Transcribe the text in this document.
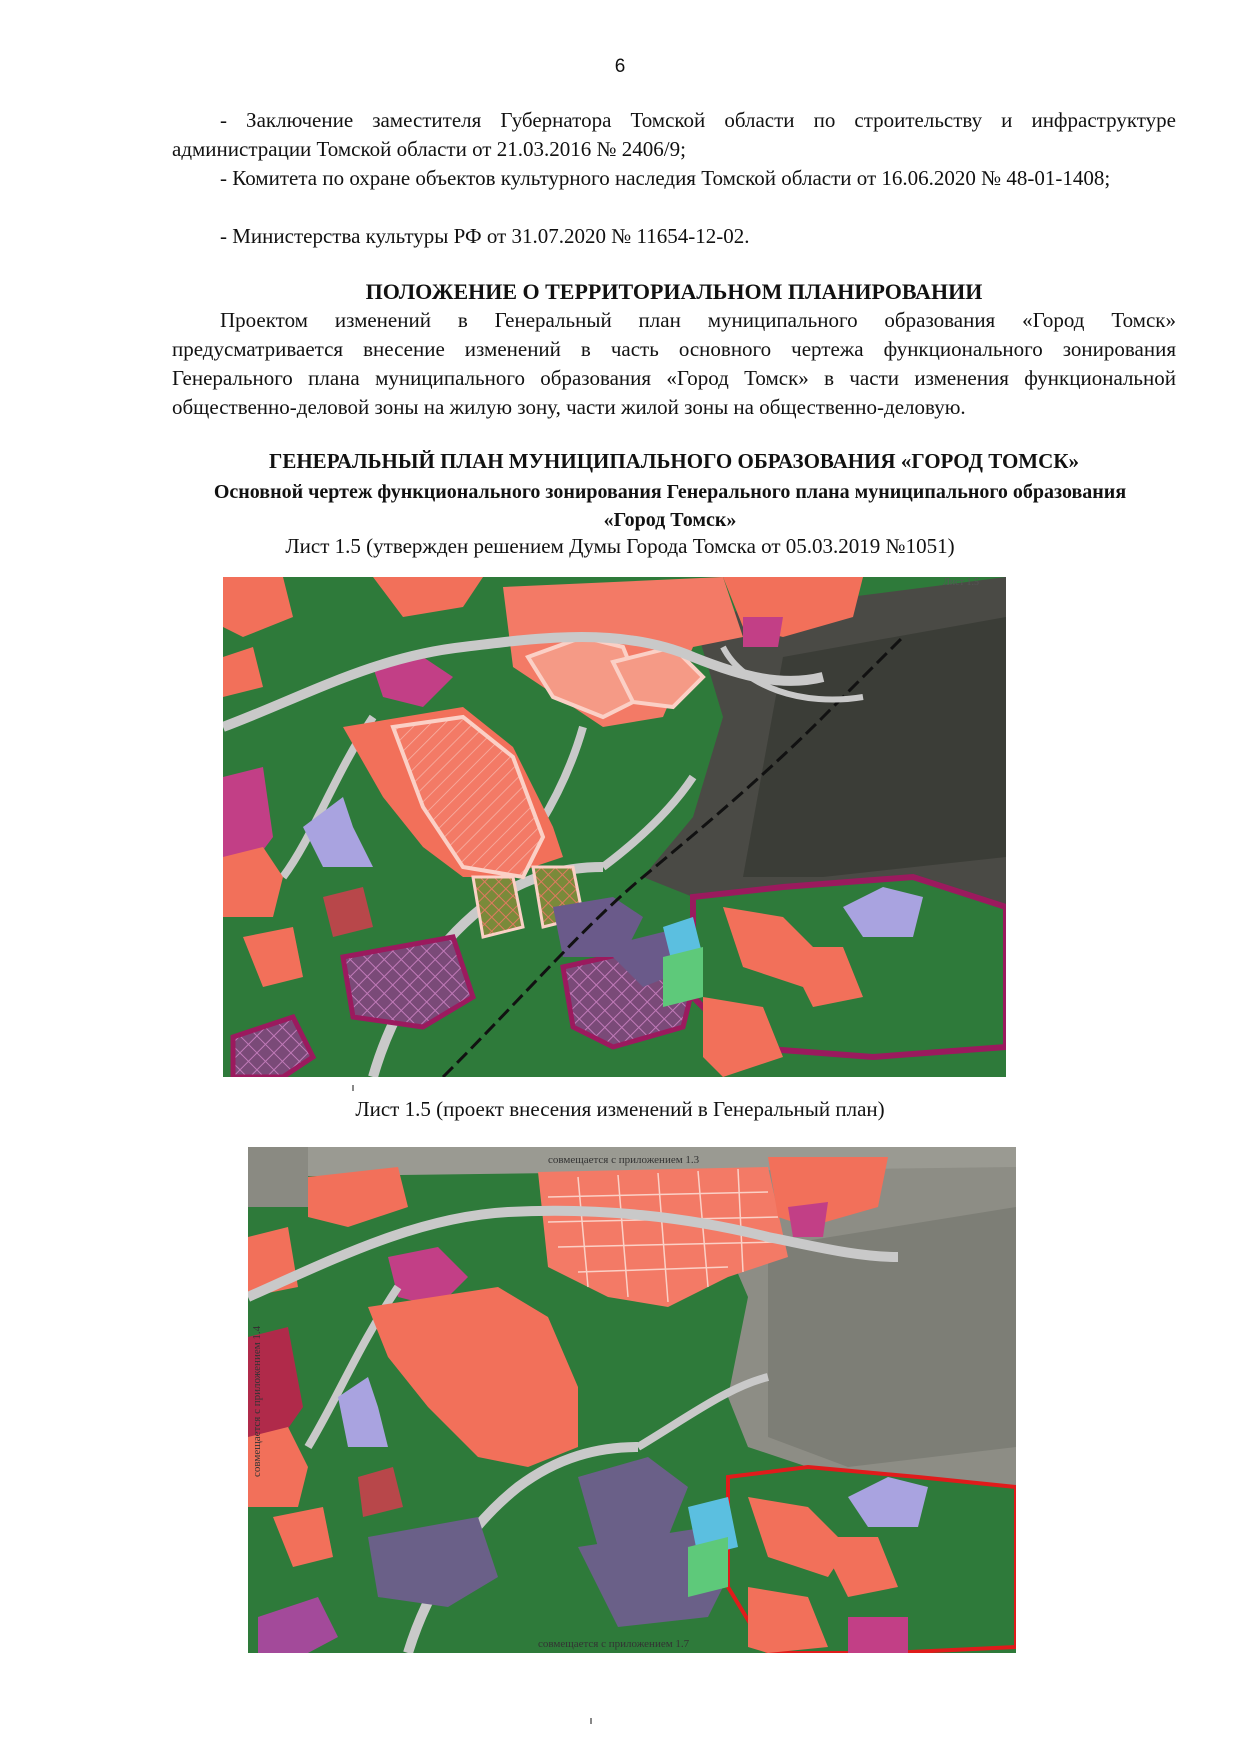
6
- Заключение заместителя Губернатора Томской области по строительству и инфраструктуре администрации Томской области от 21.03.2016 № 2406/9;
- Комитета по охране объектов культурного наследия Томской области от 16.06.2020 № 48-01-1408;
- Министерства культуры РФ от 31.07.2020 № 11654-12-02.
ПОЛОЖЕНИЕ О ТЕРРИТОРИАЛЬНОМ ПЛАНИРОВАНИИ
Проектом изменений в Генеральный план муниципального образования «Город Томск» предусматривается внесение изменений в часть основного чертежа функционального зонирования Генерального плана муниципального образования «Город Томск» в части изменения функциональной общественно-деловой зоны на жилую зону, части жилой зоны на общественно-деловую.
ГЕНЕРАЛЬНЫЙ ПЛАН МУНИЦИПАЛЬНОГО ОБРАЗОВАНИЯ «ГОРОД ТОМСК»
Основной чертеж функционального зонирования Генерального плана муниципального образования «Город Томск»
Лист 1.5 (утвержден решением Думы Города Томска от 05.03.2019 №1051)
Лист 1.5
Лист 1.5 (проект внесения изменений в Генеральный план)
совмещается с приложением 1.3
совмещается с приложением 1.7
совмещается с приложением 1.4
